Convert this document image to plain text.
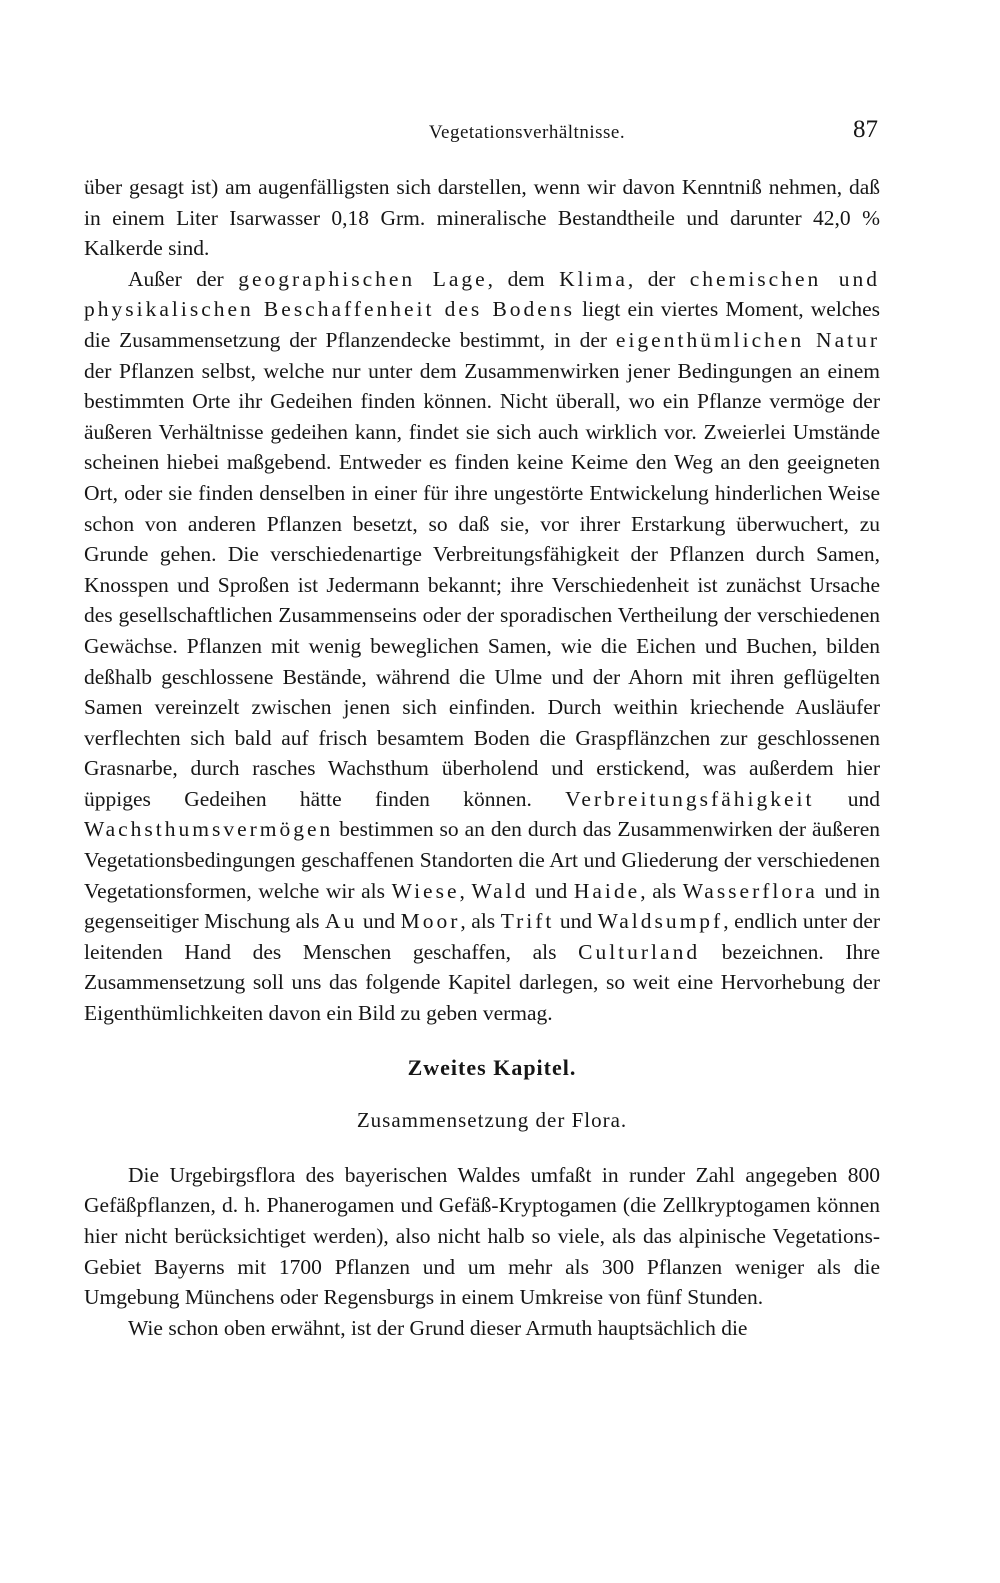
Vegetationsverhältnisse.	87

über gesagt ist) am augenfälligsten sich darstellen, wenn wir davon Kenntniß nehmen, daß in einem Liter Isarwasser 0,18 Grm. mineralische Bestandtheile und darunter 42,0 % Kalkerde sind.

Außer der geographischen Lage, dem Klima, der chemischen und physikalischen Beschaffenheit des Bodens liegt ein viertes Moment, welches die Zusammensetzung der Pflanzendecke bestimmt, in der eigenthümlichen Natur der Pflanzen selbst, welche nur unter dem Zusammenwirken jener Bedingungen an einem bestimmten Orte ihr Gedeihen finden können. Nicht überall, wo ein Pflanze vermöge der äußeren Verhältnisse gedeihen kann, findet sie sich auch wirklich vor. Zweierlei Umstände scheinen hiebei maßgebend. Entweder es finden keine Keime den Weg an den geeigneten Ort, oder sie finden denselben in einer für ihre ungestörte Entwickelung hinderlichen Weise schon von anderen Pflanzen besetzt, so daß sie, vor ihrer Erstarkung überwuchert, zu Grunde gehen. Die verschiedenartige Verbreitungsfähigkeit der Pflanzen durch Samen, Knosspen und Sproßen ist Jedermann bekannt; ihre Verschiedenheit ist zunächst Ursache des gesellschaftlichen Zusammenseins oder der sporadischen Vertheilung der verschiedenen Gewächse. Pflanzen mit wenig beweglichen Samen, wie die Eichen und Buchen, bilden deßhalb geschlossene Bestände, während die Ulme und der Ahorn mit ihren geflügelten Samen vereinzelt zwischen jenen sich einfinden. Durch weithin kriechende Ausläufer verflechten sich bald auf frisch besamtem Boden die Graspflänzchen zur geschlossenen Grasnarbe, durch rasches Wachsthum überholend und erstickend, was außerdem hier üppiges Gedeihen hätte finden können. Verbreitungsfähigkeit und Wachsthumsvermögen bestimmen so an den durch das Zusammenwirken der äußeren Vegetationsbedingungen geschaffenen Standorten die Art und Gliederung der verschiedenen Vegetationsformen, welche wir als Wiese, Wald und Haide, als Wasserflora und in gegenseitiger Mischung als Au und Moor, als Trift und Waldsumpf, endlich unter der leitenden Hand des Menschen geschaffen, als Culturland bezeichnen. Ihre Zusammensetzung soll uns das folgende Kapitel darlegen, so weit eine Hervorhebung der Eigenthümlichkeiten davon ein Bild zu geben vermag.

Zweites Kapitel.
Zusammensetzung der Flora.

Die Urgebirgsflora des bayerischen Waldes umfaßt in runder Zahl angegeben 800 Gefäßpflanzen, d. h. Phanerogamen und Gefäß-Kryptogamen (die Zellkryptogamen können hier nicht berücksichtiget werden), also nicht halb so viele, als das alpinische Vegetations-Gebiet Bayerns mit 1700 Pflanzen und um mehr als 300 Pflanzen weniger als die Umgebung Münchens oder Regensburgs in einem Umkreise von fünf Stunden.

Wie schon oben erwähnt, ist der Grund dieser Armuth hauptsächlich die
